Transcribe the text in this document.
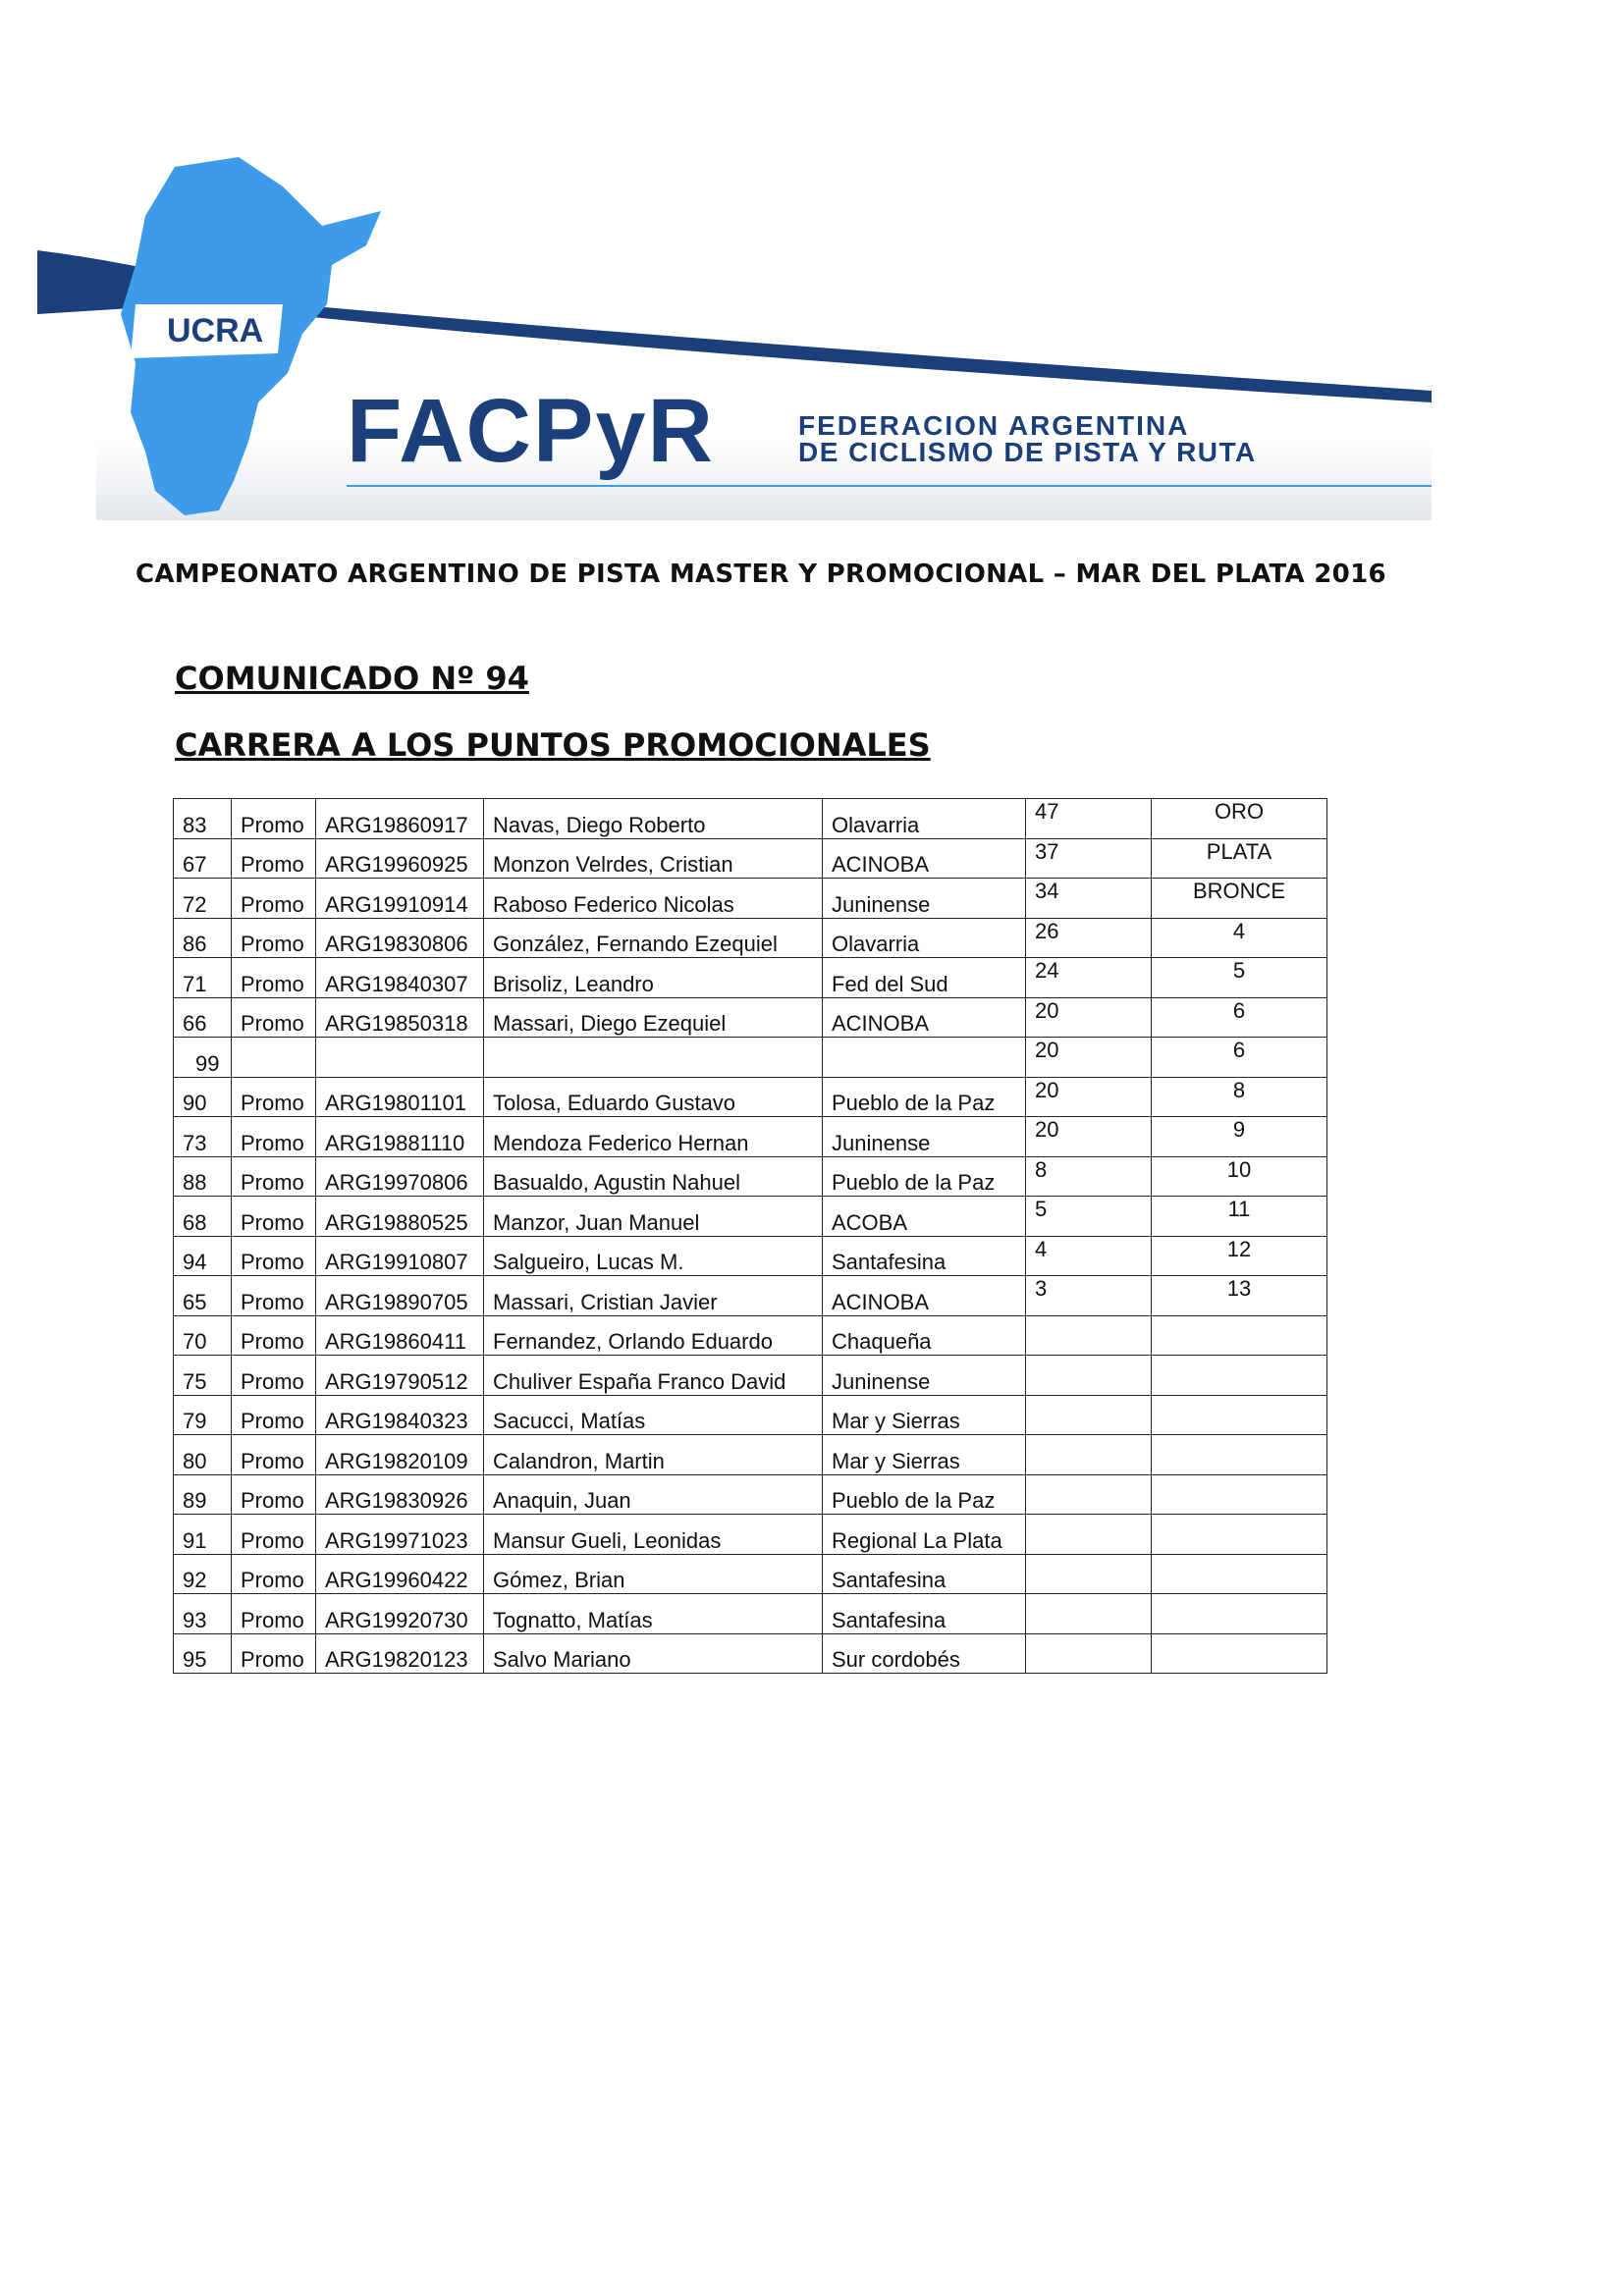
UCRA
FACPyR	FEDERACION ARGENTINA
DE CICLISMO DE PISTA Y RUTA
CAMPEONATO ARGENTINO DE PISTA MASTER Y PROMOCIONAL – MAR DEL PLATA 2016
COMUNICADO Nº 94
CARRERA A LOS PUNTOS PROMOCIONALES
83	Promo	ARG19860917	Navas, Diego Roberto	Olavarria	47	ORO
67	Promo	ARG19960925	Monzon Velrdes, Cristian	ACINOBA	37	PLATA
72	Promo	ARG19910914	Raboso Federico Nicolas	Juninense	34	BRONCE
86	Promo	ARG19830806	González, Fernando Ezequiel	Olavarria	26	4
71	Promo	ARG19840307	Brisoliz, Leandro	Fed del Sud	24	5
66	Promo	ARG19850318	Massari, Diego Ezequiel	ACINOBA	20	6
99					20	6
90	Promo	ARG19801101	Tolosa, Eduardo Gustavo	Pueblo de la Paz	20	8
73	Promo	ARG19881110	Mendoza Federico Hernan	Juninense	20	9
88	Promo	ARG19970806	Basualdo, Agustin Nahuel	Pueblo de la Paz	8	10
68	Promo	ARG19880525	Manzor, Juan Manuel	ACOBA	5	11
94	Promo	ARG19910807	Salgueiro, Lucas M.	Santafesina	4	12
65	Promo	ARG19890705	Massari, Cristian Javier	ACINOBA	3	13
70	Promo	ARG19860411	Fernandez, Orlando Eduardo	Chaqueña		
75	Promo	ARG19790512	Chuliver España Franco David	Juninense		
79	Promo	ARG19840323	Sacucci, Matías	Mar y Sierras		
80	Promo	ARG19820109	Calandron, Martin	Mar y Sierras		
89	Promo	ARG19830926	Anaquin, Juan	Pueblo de la Paz		
91	Promo	ARG19971023	Mansur Gueli, Leonidas	Regional La Plata		
92	Promo	ARG19960422	Gómez, Brian	Santafesina		
93	Promo	ARG19920730	Tognatto, Matías	Santafesina		
95	Promo	ARG19820123	Salvo Mariano	Sur cordobés		
